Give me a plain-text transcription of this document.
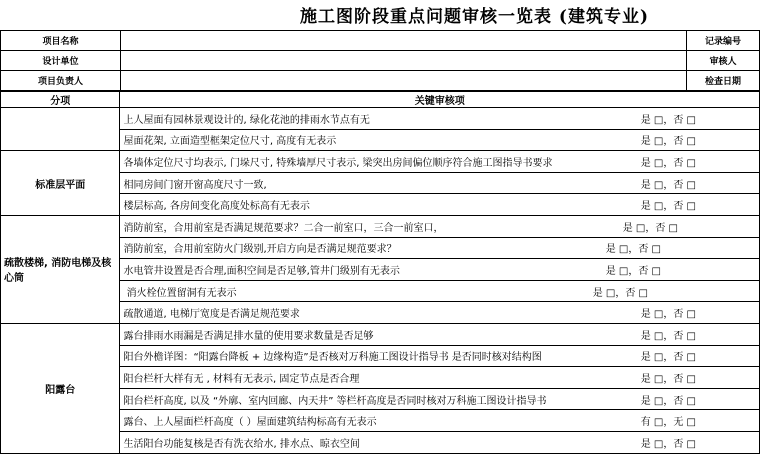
施工图阶段重点问题审核一览表 (建筑专业)
项目名称		记录编号
设计单位		审核人
项目负责人		检查日期
分项	关键审核项

	上人屋面有园林景观设计的, 绿化花池的排雨水节点有无 是 □，否 □

	屋面花架, 立面造型框架定位尺寸, 高度有无表示 是 □，否 □

标准层平面	各墙体定位尺寸均表示, 门垛尺寸, 特殊墙厚尺寸表示, 梁突出房间偏位顺序符合施工图指导书要求 是 □，否 □

	相同房间门窗开窗高度尺寸一致, 是 □，否 □

	楼层标高, 各房间变化高度处标高有无表示 是 □，否 □

疏散楼梯, 消防电梯及核心筒	消防前室，合用前室是否满足规范要求？二合一前室口，三合一前室口， 是 □，否 □

	消防前室，合用前室防火门级别,开启方向是否满足规范要求？ 是 □，否 □

	水电管井设置是否合理,面积空间是否足够,管井门级别有无表示 是 □，否 □

	消火栓位置留洞有无表示 是 □，否 □

	疏散通道, 电梯厅宽度是否满足规范要求 是 □，否 □

阳露台	露台排雨水雨漏是否满足排水量的使用要求数量是否足够 是 □，否 □

	阳台外檐详图：“阳露台降板 + 边缘构造”是否核对万科施工图设计指导书 是否同时核对结构图 是 □，否 □

	阳台栏杆大样有无 , 材料有无表示, 固定节点是否合理 是 □，否 □

	阳台栏杆高度, 以及 “外廓、室内回廊、内天井” 等栏杆高度是否同时核对万科施工图设计指导书 是 □，否 □

	露台、上人屋面栏杆高度（ ）屋面建筑结构标高有无表示 有 □，无 □

	生活阳台功能复核是否有洗衣给水, 排水点、晾衣空间 是 □，否 □
